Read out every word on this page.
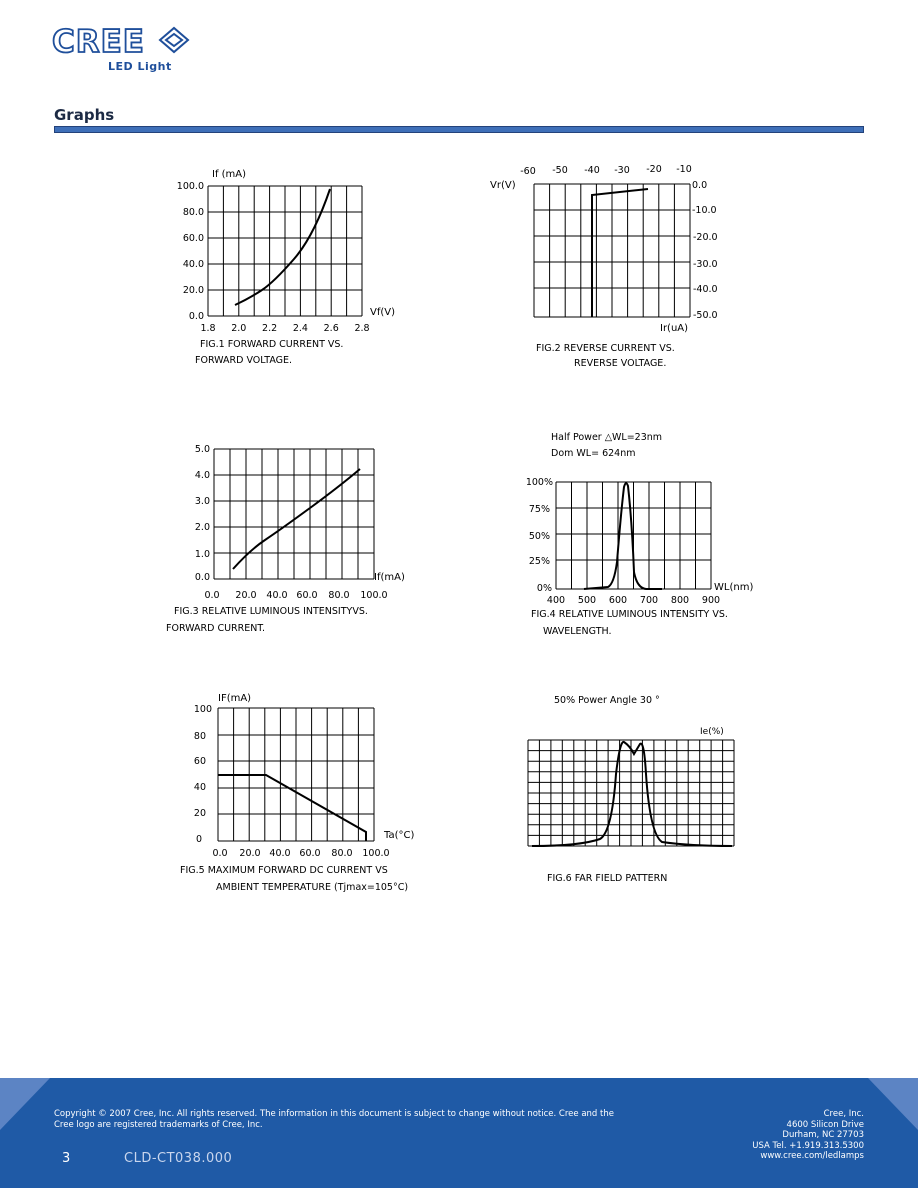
CREE
LED Light
Graphs
If (mA)
Vf(V)
100.0
80.0
60.0
40.0
20.0
0.0
1.8 2.0 2.2 2.4 2.6 2.8
FIG.1 FORWARD CURRENT VS.
FORWARD VOLTAGE.
Vr(V)
Ir(uA)
-60 -50 -40 -30 -20 -10
0.0
-10.0
-20.0
-30.0
-40.0
-50.0
FIG.2 REVERSE CURRENT VS.
REVERSE VOLTAGE.
If(mA)
5.0
4.0
3.0
2.0
1.0
0.0
0.0 20.0 40.0 60.0 80.0 100.0
FIG.3 RELATIVE LUMINOUS INTENSITYVS.
FORWARD CURRENT.
Half Power △WL=23nm
Dom WL= 624nm
WL(nm)
100%
75%
50%
25%
0%
400 500 600 700 800 900
FIG.4 RELATIVE LUMINOUS INTENSITY VS.
WAVELENGTH.
IF(mA)
Ta(°C)
100
80
60
40
20
0
0.0 20.0 40.0 60.0 80.0 100.0
FIG.5 MAXIMUM FORWARD DC CURRENT VS
AMBIENT TEMPERATURE (Tjmax=105°C)
50% Power Angle 30 °
Ie(%)
FIG.6 FAR FIELD PATTERN
Copyright © 2007 Cree, Inc. All rights reserved. The information in this document is subject to change without notice. Cree and the
Cree logo are registered trademarks of Cree, Inc.
Cree, Inc.
4600 Silicon Drive
Durham, NC 27703
USA Tel. +1.919.313.5300
www.cree.com/ledlamps
3	CLD-CT038.000
